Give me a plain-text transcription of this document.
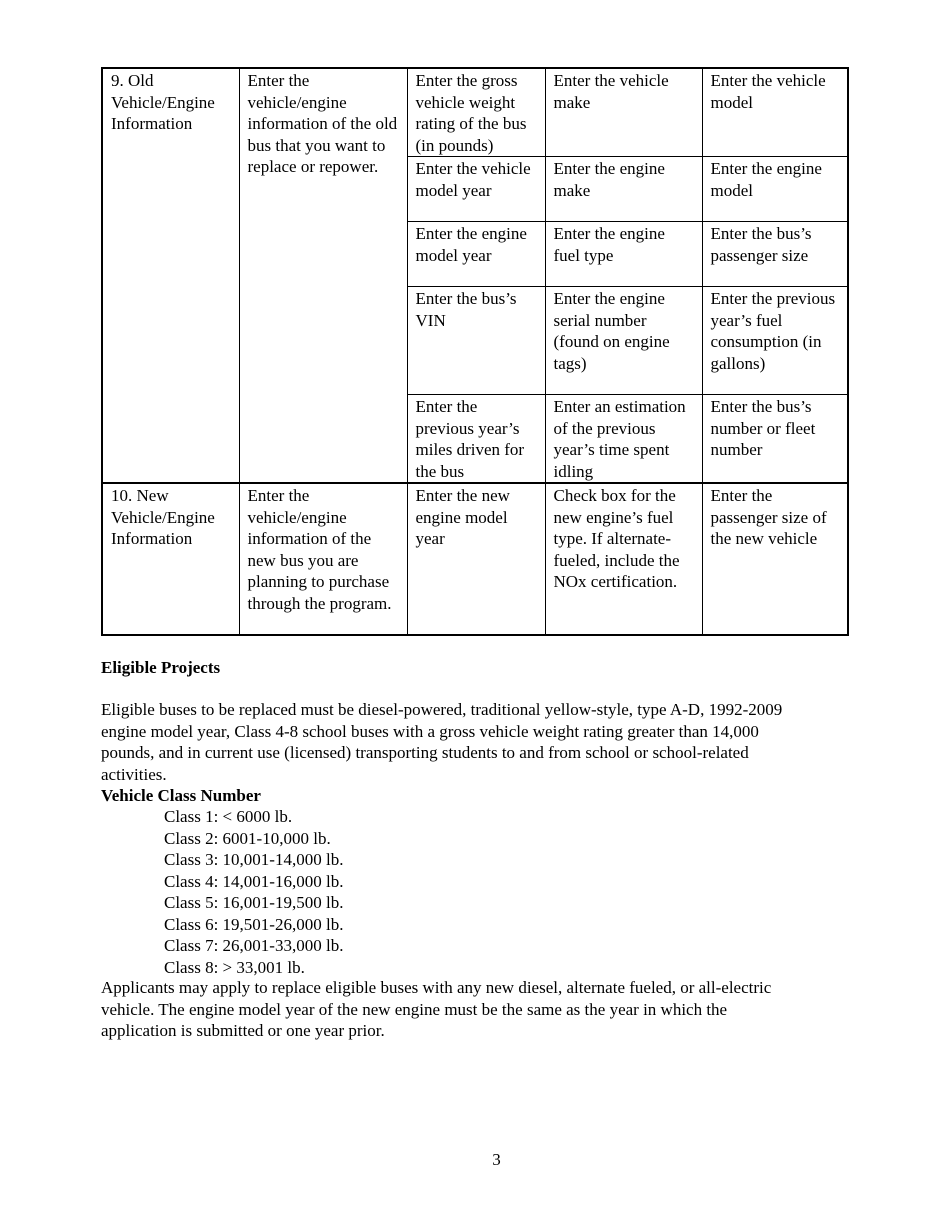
9. Old Vehicle/Engine Information	Enter the vehicle/engine information of the old bus that you want to replace or repower.	Enter the gross vehicle weight rating of the bus (in pounds)	Enter the vehicle make	Enter the vehicle model
		Enter the vehicle model year	Enter the engine make	Enter the engine model
		Enter the engine model year	Enter the engine fuel type	Enter the bus’s passenger size
		Enter the bus’s VIN	Enter the engine serial number (found on engine tags)	Enter the previous year’s fuel consumption (in gallons)
		Enter the previous year’s miles driven for the bus	Enter an estimation of the previous year’s time spent idling	Enter the bus’s number or fleet number
10. New Vehicle/Engine Information	Enter the vehicle/engine information of the new bus you are planning to purchase through the program.	Enter the new engine model year	Check box for the new engine’s fuel type. If alternate-fueled, include the NOx certification.	Enter the passenger size of the new vehicle
Eligible Projects
Eligible buses to be replaced must be diesel-powered, traditional yellow-style, type A-D, 1992-2009 engine model year, Class 4-8 school buses with a gross vehicle weight rating greater than 14,000 pounds, and in current use (licensed) transporting students to and from school or school-related activities.
Vehicle Class Number
Class 1: < 6000 lb.
Class 2: 6001-10,000 lb.
Class 3: 10,001-14,000 lb.
Class 4: 14,001-16,000 lb.
Class 5: 16,001-19,500 lb.
Class 6: 19,501-26,000 lb.
Class 7: 26,001-33,000 lb.
Class 8: > 33,001 lb.
Applicants may apply to replace eligible buses with any new diesel, alternate fueled, or all-electric vehicle. The engine model year of the new engine must be the same as the year in which the application is submitted or one year prior.
3
